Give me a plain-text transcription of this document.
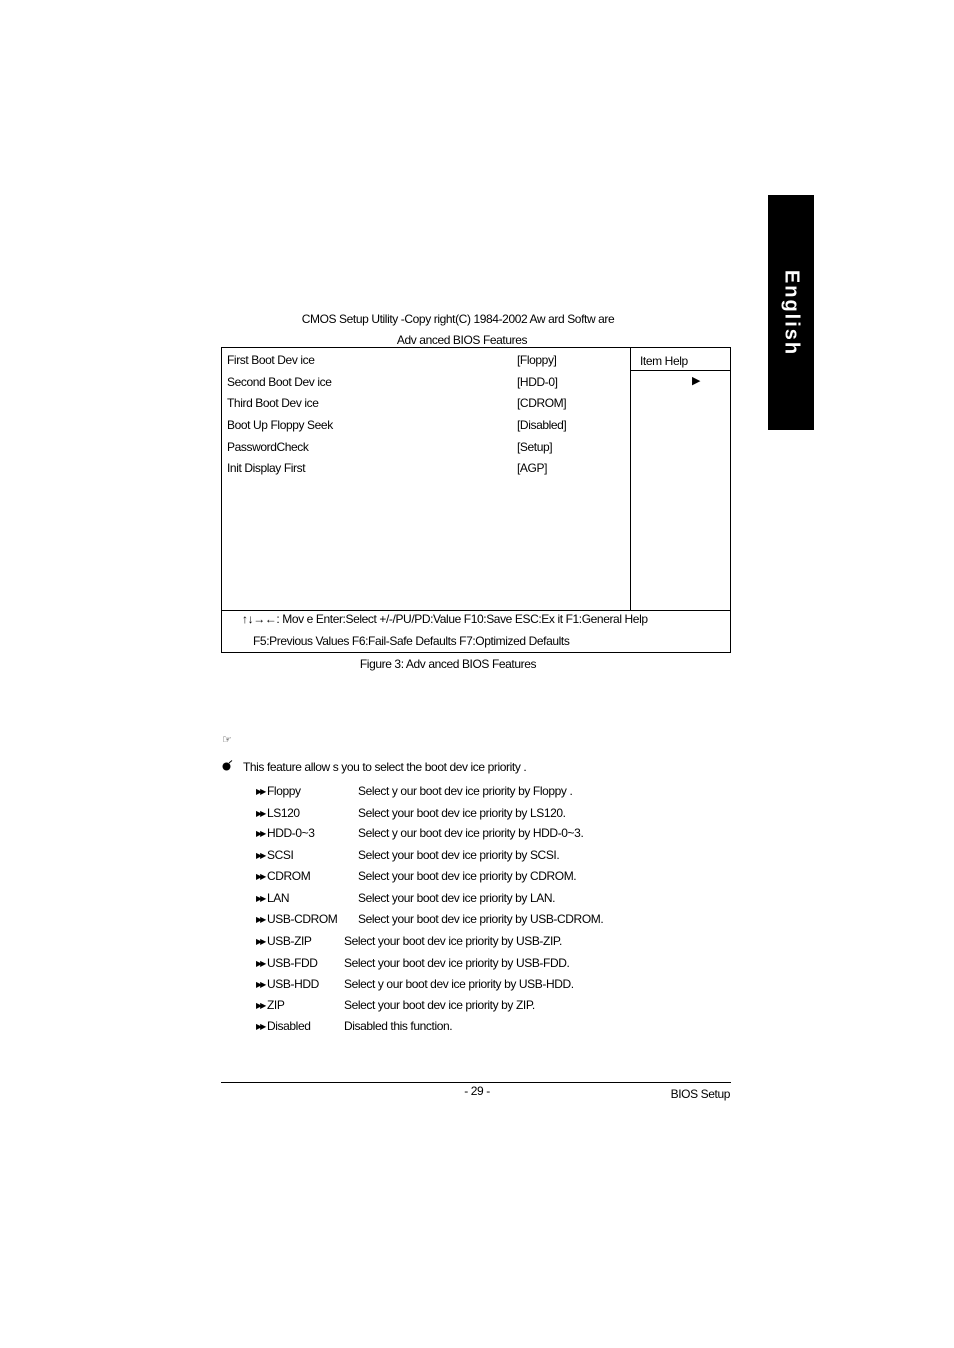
English
CMOS Setup Utility -Copy right(C) 1984-2002 Aw ard Softw are
Adv anced BIOS Features
First Boot Dev ice	[Floppy]
Second Boot Dev ice	[HDD-0]
Third Boot Dev ice	[CDROM]
Boot Up Floppy Seek	[Disabled]
PasswordCheck	[Setup]
Init Display First	[AGP]
Item Help
▶
↑↓→←: Mov e Enter:Select +/-/PU/PD:Value F10:Save ESC:Ex it F1:General Help
F5:Previous Values F6:Fail-Safe Defaults F7:Optimized Defaults
Figure 3: Adv anced BIOS Features
☞
This feature allow s you to select the boot dev ice priority .
▶▶ Floppy	Select y our boot dev ice priority by Floppy .
▶▶ LS120	Select your boot dev ice priority by LS120.
▶▶ HDD-0~3	Select y our boot dev ice priority by HDD-0~3.
▶▶ SCSI	Select your boot dev ice priority by SCSI.
▶▶ CDROM	Select your boot dev ice priority by CDROM.
▶▶ LAN	Select your boot dev ice priority by LAN.
▶▶ USB-CDROM Select your boot dev ice priority by USB-CDROM.
▶▶ USB-ZIP	Select your boot dev ice priority by USB-ZIP.
▶▶ USB-FDD Select your boot dev ice priority by USB-FDD.
▶▶ USB-HDD Select y our boot dev ice priority by USB-HDD.
▶▶ ZIP	Select your boot dev ice priority by ZIP.
▶▶ Disabled	Disabled this function.
- 29 -	BIOS Setup
